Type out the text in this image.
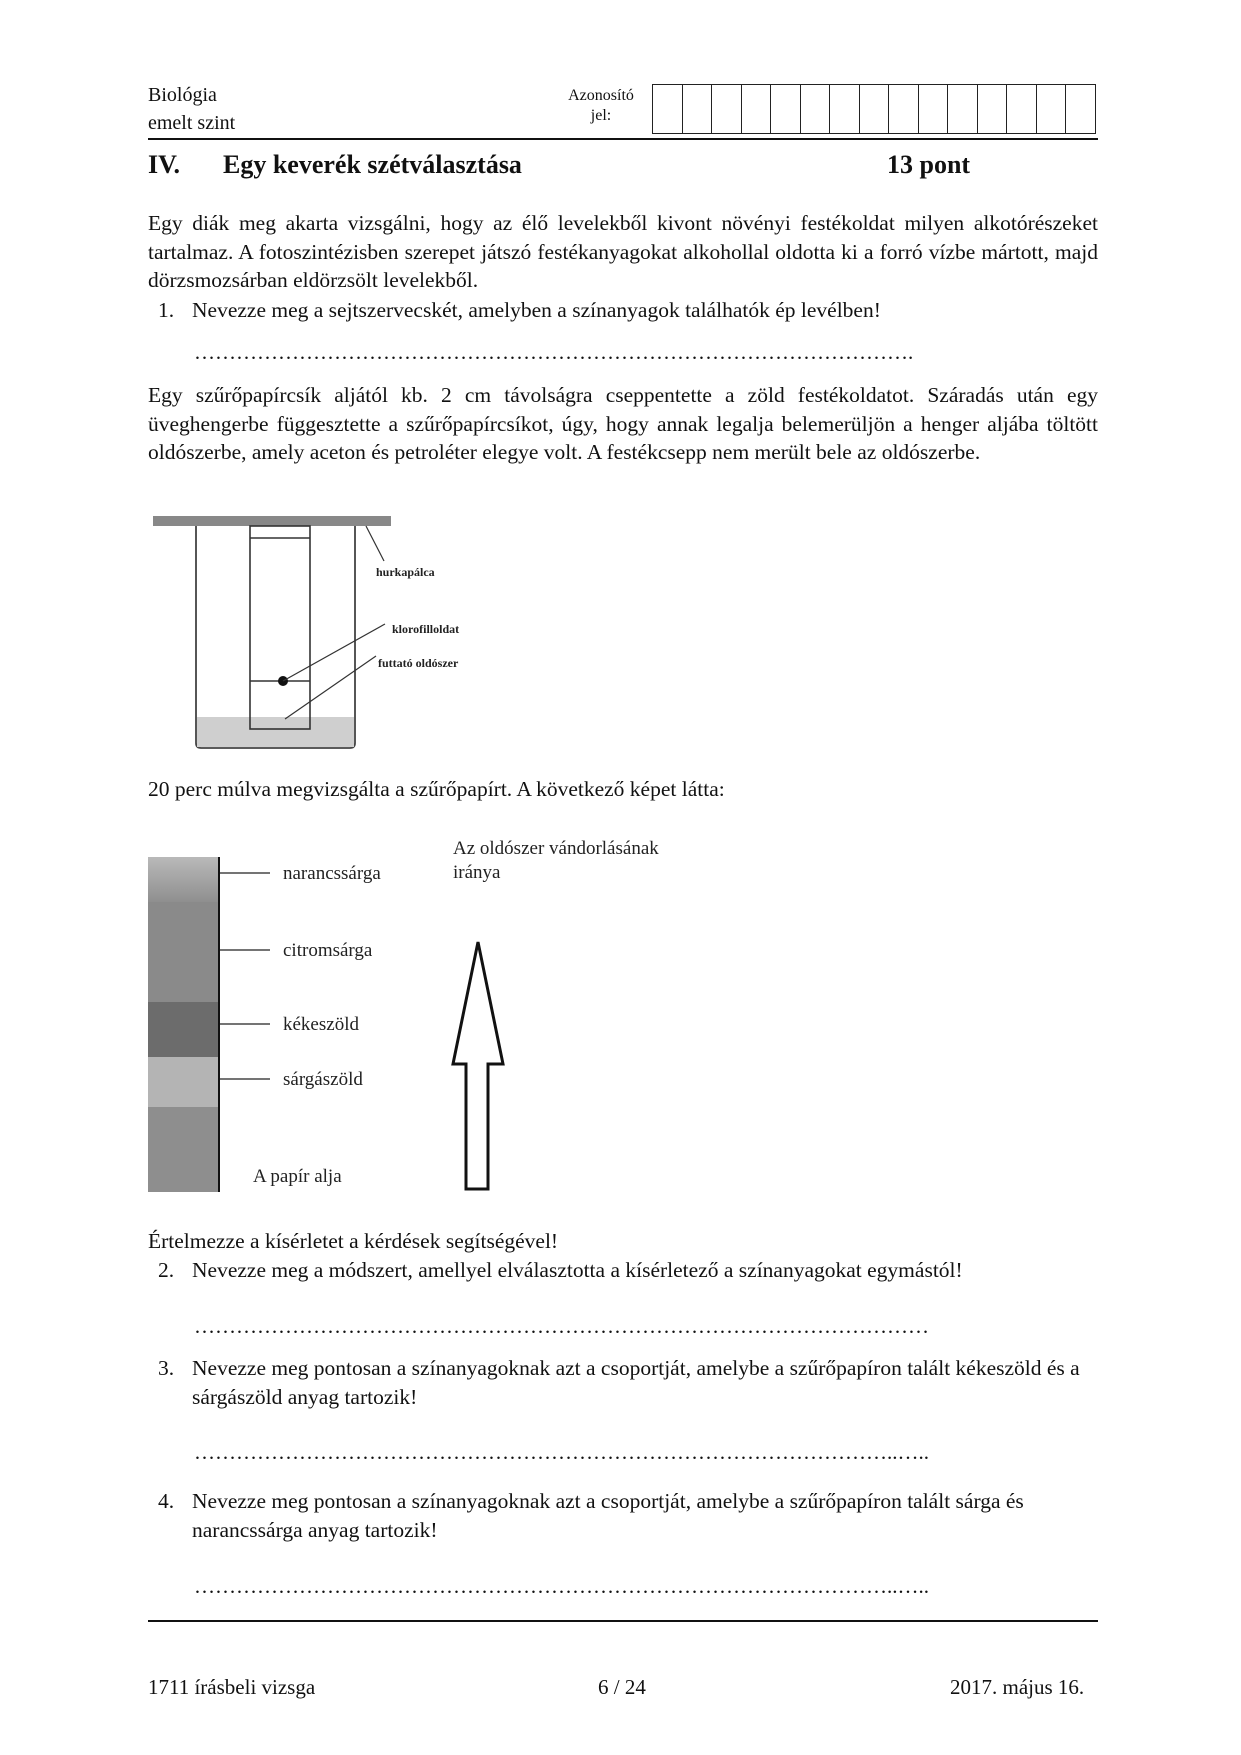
Biológia
emelt szint
Azonosító
jel:
IV. Egy keverék szétválasztása	13 pont
Egy diák meg akarta vizsgálni, hogy az élő levelekből kivont növényi festékoldat milyen alkotórészeket tartalmaz. A fotoszintézisben szerepet játszó festékanyagokat alkohollal oldotta ki a forró vízbe mártott, majd dörzsmozsárban eldörzsölt levelekből.
1. Nevezze meg a sejtszervecskét, amelyben a színanyagok találhatók ép levélben!
………………………………………………………………………………………….
Egy szűrőpapírcsík aljától kb. 2 cm távolságra cseppentette a zöld festékoldatot. Száradás után egy üveghengerbe függesztette a szűrőpapírcsíkot, úgy, hogy annak legalja belemerüljön a henger aljába töltött oldószerbe, amely aceton és petroléter elegye volt. A festékcsepp nem merült bele az oldószerbe.
hurkapálca
klorofilloldat
futtató oldószer
20 perc múlva megvizsgálta a szűrőpapírt. A következő képet látta:
narancssárga
citromsárga
kékeszöld
sárgászöld
A papír alja
Az oldószer vándorlásának
iránya
Értelmezze a kísérletet a kérdések segítségével!
2. Nevezze meg a módszert, amellyel elválasztotta a kísérletező a színanyagokat egymástól!
……………………………………………………………………………………………
3. Nevezze meg pontosan a színanyagoknak azt a csoportját, amelybe a szűrőpapíron talált kékeszöld és a sárgászöld anyag tartozik!
………………………………………………………………………………………..…..
4. Nevezze meg pontosan a színanyagoknak azt a csoportját, amelybe a szűrőpapíron talált sárga és narancssárga anyag tartozik!
………………………………………………………………………………………..…..
1711 írásbeli vizsga	6 / 24	2017. május 16.
